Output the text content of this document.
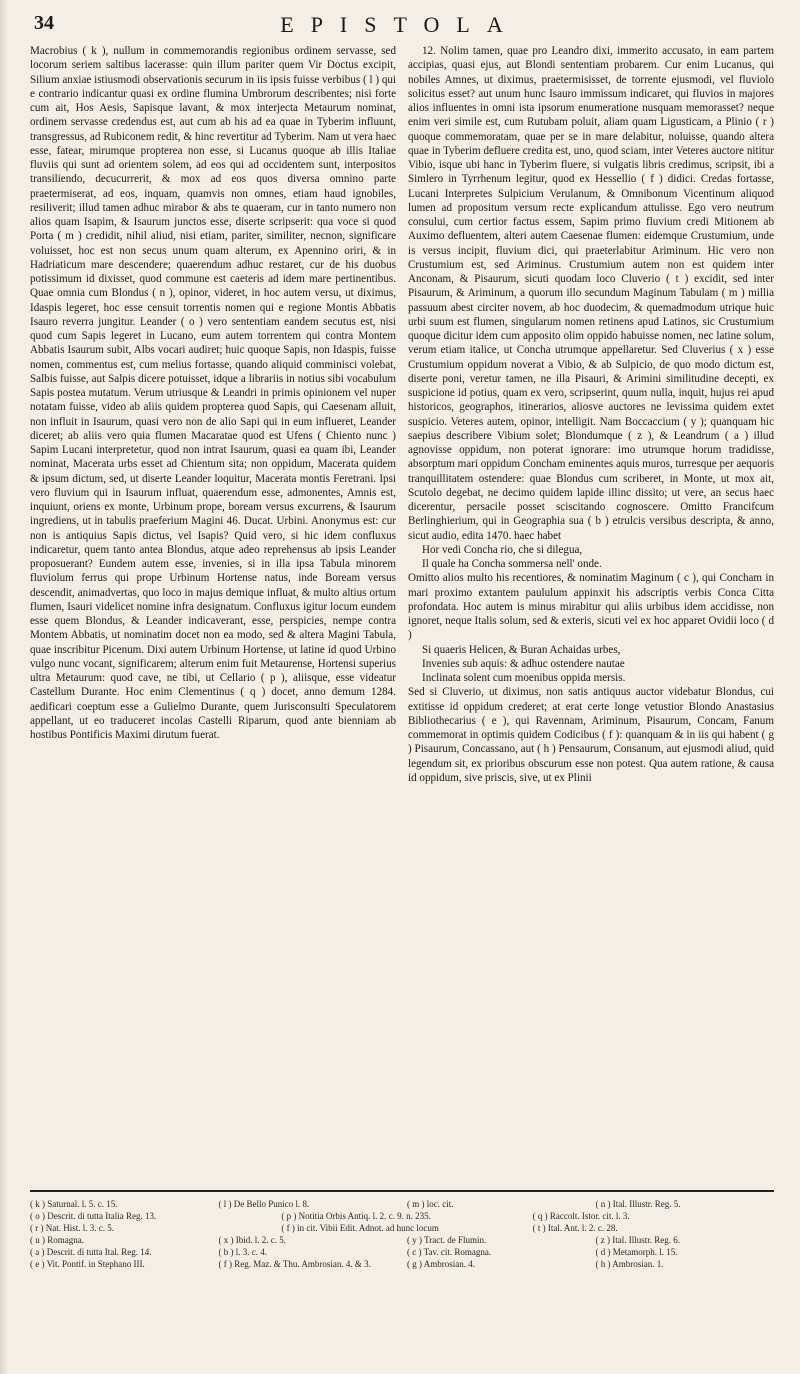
34	EPISTOLA

Macrobius ( k ), nullum in commemorandis regionibus ordinem servasse, sed locorum seriem saltibus lacerasse: quin illum pariter quem Vir Doctus excipit, Silium anxiae istiusmodi observationis securum in iis ipsis fuisse verbibus ( l ) qui e contrario indicantur quasi ex ordine flumina Umbrorum describentes; nisi forte cum ait, Hos Aesis, Sapisque lavant, & mox interjecta Metaurum nominat, ordinem servasse credendus est, aut cum ab his ad ea quae in Tyberim influunt, transgressus, ad Rubiconem redit, & hinc revertitur ad Tyberim. Nam ut vera haec esse, fatear, mirumque propterea non esse, si Lucanus quoque ab illis Italiae fluviis qui sunt ad orientem solem, ad eos qui ad occidentem sunt, interpositos transiliendo, decucurrerit, & mox ad eos quos diversa omnino parte praetermiserat, ad eos, inquam, quamvis non omnes, etiam haud ignobiles, resiliverit; illud tamen adhuc mirabor & abs te quaeram, cur in tanto numero non alios quam Isapim, & Isaurum junctos esse, diserte scripserit: qua voce si quod Porta ( m ) credidit, nihil aliud, nisi etiam, pariter, similiter, necnon, significare voluisset, hoc est non secus unum quam alterum, ex Apennino oriri, & in Hadriaticum mare descendere; quaerendum adhuc restaret, cur de his duobus potissimum id dixisset, quod commune est caeteris ad idem mare pertinentibus. Quae omnia cum Blondus ( n ), opinor, videret, in hoc autem versu, ut diximus, Idaspis legeret, hoc esse censuit torrentis nomen qui e regione Montis Abbatis Isauro reverra jungitur. Leander ( o ) vero sententiam eandem secutus est, nisi quod cum Sapis legeret in Lucano, eum autem torrentem qui contra Montem Abbatis Isaurum subit, Albs vocari audiret; huic quoque Sapis, non Idaspis, fuisse nomen, commentus est, cum melius fortasse, quando aliquid comminisci volebat, Salbis fuisse, aut Salpis dicere potuisset, idque a librariis in notius sibi vocabulum Sapis postea mutatum. Verum utriusque & Leandri in primis opinionem vel nuper notatam fuisse, video ab aliis quidem propterea quod Sapis, qui Caesenam alluit, non influit in Isaurum, quasi vero non de alio Sapi qui in eum influeret, Leander diceret; ab aliis vero quia flumen Macaratae quod est Ufens ( Chiento nunc ) Sapim Lucani interpretetur, quod non intrat Isaurum, quasi ea quam ibi, Leander nominat, Macerata urbs esset ad Chientum sita; non oppidum, Macerata quidem & ipsum dictum, sed, ut diserte Leander loquitur, Macerata montis Feretrani. Ipsi vero fluvium qui in Isaurum influat, quaerendum esse, admonentes, Amnis est, inquiunt, oriens ex monte, Urbinum prope, boream versus excurrens, & Isaurum ingrediens, ut in tabulis praeferium Magini 46. Ducat. Urbini. Anonymus est: cur non is antiquius Sapis dictus, vel Isapis? Quid vero, si hic idem confluxus indicaretur, quem tanto antea Blondus, atque adeo reprehensus ab ipsis Leander proposuerant? Eundem autem esse, invenies, si in illa ipsa Tabula minorem fluviolum ferrus qui prope Urbinum Hortense natus, inde Boream versus descendit, animadvertas, quo loco in majus demique influat, & multo altius ortum flumen, Isauri videlicet nomine infra designatum. Confluxus igitur locum eundem esse quem Blondus, & Leander indicaverant, esse, perspicies, nempe contra Montem Abbatis, ut nominatim docet non ea modo, sed & altera Magini Tabula, quae inscribitur Picenum. Dixi autem Urbinum Hortense, ut latine id quod Urbino vulgo nunc vocant, significarem; alterum enim fuit Metaurense, Hortensi superius ultra Metaurum: quod cave, ne tibi, ut Cellario ( p ), aliisque, esse videatur Castellum Durante. Hoc enim Clementinus ( q ) docet, anno demum 1284. aedificari coeptum esse a Gulielmo Durante, quem Jurisconsulti Speculatorem appellant, ut eo traduceret incolas Castelli Riparum, quod ante bienniam ab hostibus Pontificis Maximi dirutum fuerat.

12. Nolim tamen, quae pro Leandro dixi, immerito accusato, in eam partem accipias, quasi ejus, aut Blondi sententiam probarem. Cur enim Lucanus, qui nobiles Amnes, ut diximus, praetermisisset, de torrente ejusmodi, vel fluviolo solicitus esset? aut unum hunc Isauro immissum indicaret, qui fluvios in majores alios influentes in omni ista ipsorum enumeratione nusquam memorasset? neque enim veri simile est, cum Rutubam poluit, aliam quam Ligusticam, a Plinio ( r ) quoque commemoratam, quae per se in mare delabitur, noluisse, quando altera quae in Tyberim defluere credita est, uno, quod sciam, inter Veteres auctore nititur Vibio, isque ubi hanc in Tyberim fluere, si vulgatis libris credimus, scripsit, ibi a Simlero in Tyrrhenum legitur, quod ex Hessellio ( f ) didici. Credas fortasse, Lucani Interpretes Sulpicium Verulanum, & Omnibonum Vicentinum aliquod lumen ad propositum versum recte explicandum attulisse. Ego vero neutrum consului, cum certior factus essem, Sapim primo fluvium credi Mitionem ab Auximo defluentem, alteri autem Caesenae flumen: eidemque Crustumium, unde is versus incipit, fluvium dici, qui praeterlabitur Ariminum. Hic vero non Crustumium est, sed Ariminus. Crustumium autem non est quidem inter Anconam, & Pisaurum, sicuti quodam loco Cluverio ( t ) excidit, sed inter Pisaurum, & Ariminum, a quorum illo secundum Maginum Tabulam ( m ) millia passuum abest circiter novem, ab hoc duodecim, & quemadmodum utrique huic urbi suum est flumen, singularum nomen retinens apud Latinos, sic Crustumium quoque dicitur idem cum apposito olim oppido habuisse nomen, nec latine solum, verum etiam italice, ut Concha utrumque appellaretur. Sed Cluverius ( x ) esse Crustumium oppidum noverat a Vibio, & ab Sulpicio, de quo modo dictum est, diserte poni, veretur tamen, ne illa Pisauri, & Arimini similitudine decepti, ex suspicione id potius, quam ex vero, scripserint, quum nulla, inquit, hujus rei apud historicos, geographos, itinerarios, aliosve auctores ne levissima quidem extet suspicio. Veteres autem, opinor, intelligit. Nam Boccaccium ( y ); quanquam hic saepius describere Vibium solet; Blondumque ( z ), & Leandrum ( a ) illud agnovisse oppidum, non poterat ignorare: imo utrumque horum tradidisse, absorptum mari oppidum Concham eminentes aquis muros, turresque per aequoris tranquillitatem ostendere: quae Blondus cum scriberet, in Monte, ut mox ait, Scutolo degebat, ne decimo quidem lapide illinc dissito; ut vere, an secus haec dicerentur, persacile posset sciscitando cognoscere. Omitto Francifcum Berlinghierium, qui in Geographia sua ( b ) etrulcis versibus descripta, & anno, sicut audio, edita 1470. haec habet

Hor vedi Concha rio, che si dilegua,

Il quale ha Concha sommersa nell' onde.

Omitto alios multo his recentiores, & nominatim Maginum ( c ), qui Concham in mari proximo extantem paululum appinxit his adscriptis verbis Conca Citta profondata. Hoc autem is minus mirabitur qui aliis urbibus idem accidisse, non ignoret, neque Italis solum, sed & exteris, sicuti vel ex hoc apparet Ovidii loco ( d )

Si quaeris Helicen, & Buran Achaidas urbes,

Invenies sub aquis: & adhuc ostendere nautae

Inclinata solent cum moenibus oppida mersis.

Sed si Cluverio, ut diximus, non satis antiquus auctor videbatur Blondus, cui extitisse id oppidum crederet; at erat certe longe vetustior Blondo Anastasius Bibliothecarius ( e ), qui Ravennam, Ariminum, Pisaurum, Concam, Fanum commemorat in optimis quidem Codicibus ( f ): quanquam & in iis qui habent ( g ) Pisaurum, Concassano, aut ( h ) Pensaurum, Consanum, aut ejusmodi aliud, quid legendum sit, ex prioribus obscurum esse non potest. Qua autem ratione, & causa id oppidum, sive priscis, sive, ut ex Plinii

( k ) Saturnal. l. 5. c. 15.	( l ) De Bello Punico l. 8.	( m ) loc. cit.	( n ) Ital. Illustr. Reg. 5.
( o ) Descrit. di tutta Italia Reg. 13.	( p ) Notitia Orbis Antiq. l. 2. c. 9. n. 235.	( q ) Raccolt. Istor. cit. l. 3.
( r ) Nat. Hist. l. 3. c. 5.	( f ) in cit. Vibii Edit. Adnot. ad hunc locum	( t ) Ital. Ant. l. 2. c. 28.
( u ) Romagna.	( x ) Ibid. l. 2. c. 5.	( y ) Tract. de Flumin.	( z ) Ital. Illustr. Reg. 6.
( a ) Descrit. di tutta Ital. Reg. 14.	( b ) l. 3. c. 4.	( c ) Tav. cit. Romagna.	( d ) Metamorph. l. 15.
( e ) Vit. Pontif. in Stephano III.	( f ) Reg. Maz. & Thu. Ambrosian. 4. & 3.	( g ) Ambrosian. 4.	( h ) Ambrosian. 1.
